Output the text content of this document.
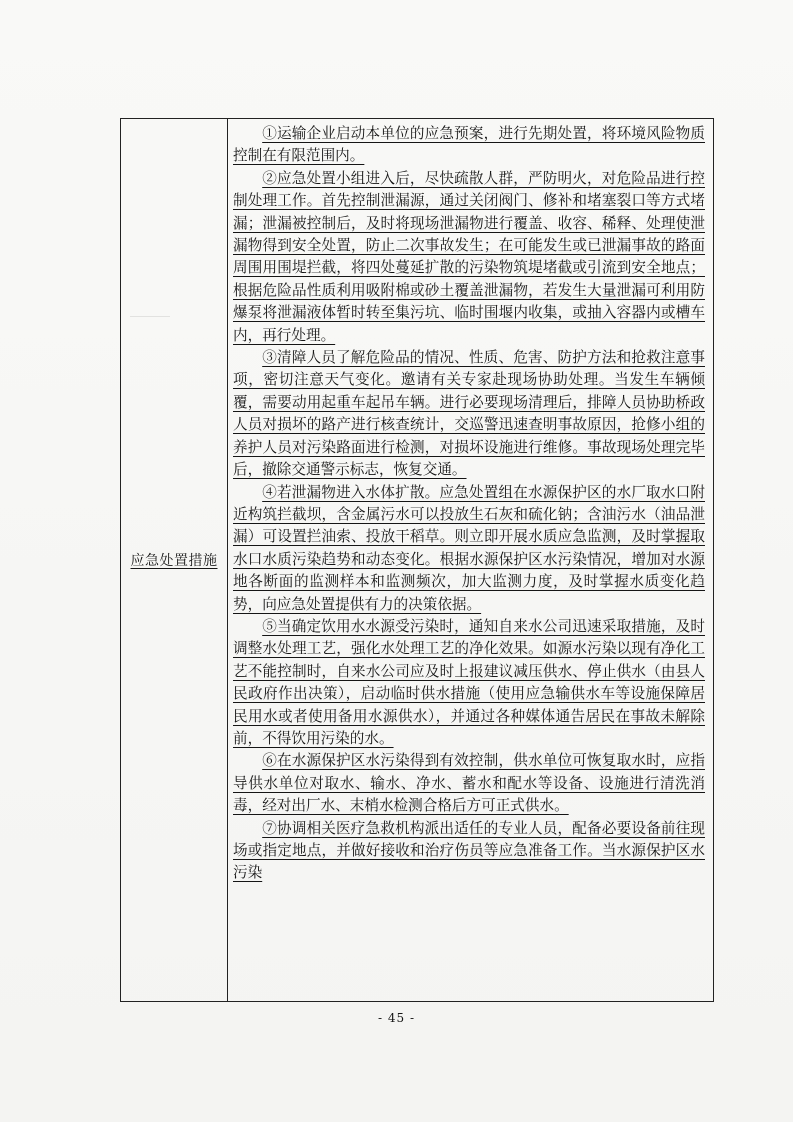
应急处置措施

①运输企业启动本单位的应急预案，进行先期处置，将环境风险物质控制在有限范围内。

②应急处置小组进入后，尽快疏散人群，严防明火，对危险品进行控制处理工作。首先控制泄漏源，通过关闭阀门、修补和堵塞裂口等方式堵漏；泄漏被控制后，及时将现场泄漏物进行覆盖、收容、稀释、处理使泄漏物得到安全处置，防止二次事故发生；在可能发生或已泄漏事故的路面周围用围堤拦截，将四处蔓延扩散的污染物筑堤堵截或引流到安全地点；根据危险品性质利用吸附棉或砂土覆盖泄漏物，若发生大量泄漏可利用防爆泵将泄漏液体暂时转至集污坑、临时围堰内收集，或抽入容器内或槽车内，再行处理。

③清障人员了解危险品的情况、性质、危害、防护方法和抢救注意事项，密切注意天气变化。邀请有关专家赴现场协助处理。当发生车辆倾覆，需要动用起重车起吊车辆。进行必要现场清理后，排障人员协助桥政人员对损坏的路产进行核查统计，交巡警迅速查明事故原因，抢修小组的养护人员对污染路面进行检测，对损坏设施进行维修。事故现场处理完毕后，撤除交通警示标志，恢复交通。

④若泄漏物进入水体扩散。应急处置组在水源保护区的水厂取水口附近构筑拦截坝，含金属污水可以投放生石灰和硫化钠；含油污水（油品泄漏）可设置拦油索、投放干稻草。则立即开展水质应急监测，及时掌握取水口水质污染趋势和动态变化。根据水源保护区水污染情况，增加对水源地各断面的监测样本和监测频次，加大监测力度，及时掌握水质变化趋势，向应急处置提供有力的决策依据。

⑤当确定饮用水水源受污染时，通知自来水公司迅速采取措施，及时调整水处理工艺，强化水处理工艺的净化效果。如源水污染以现有净化工艺不能控制时，自来水公司应及时上报建议减压供水、停止供水（由县人民政府作出决策），启动临时供水措施（使用应急输供水车等设施保障居民用水或者使用备用水源供水），并通过各种媒体通告居民在事故未解除前，不得饮用污染的水。

⑥在水源保护区水污染得到有效控制，供水单位可恢复取水时，应指导供水单位对取水、输水、净水、蓄水和配水等设备、设施进行清洗消毒，经对出厂水、末梢水检测合格后方可正式供水。

⑦协调相关医疗急救机构派出适任的专业人员，配备必要设备前往现场或指定地点，并做好接收和治疗伤员等应急准备工作。当水源保护区水污染

- 45 -
